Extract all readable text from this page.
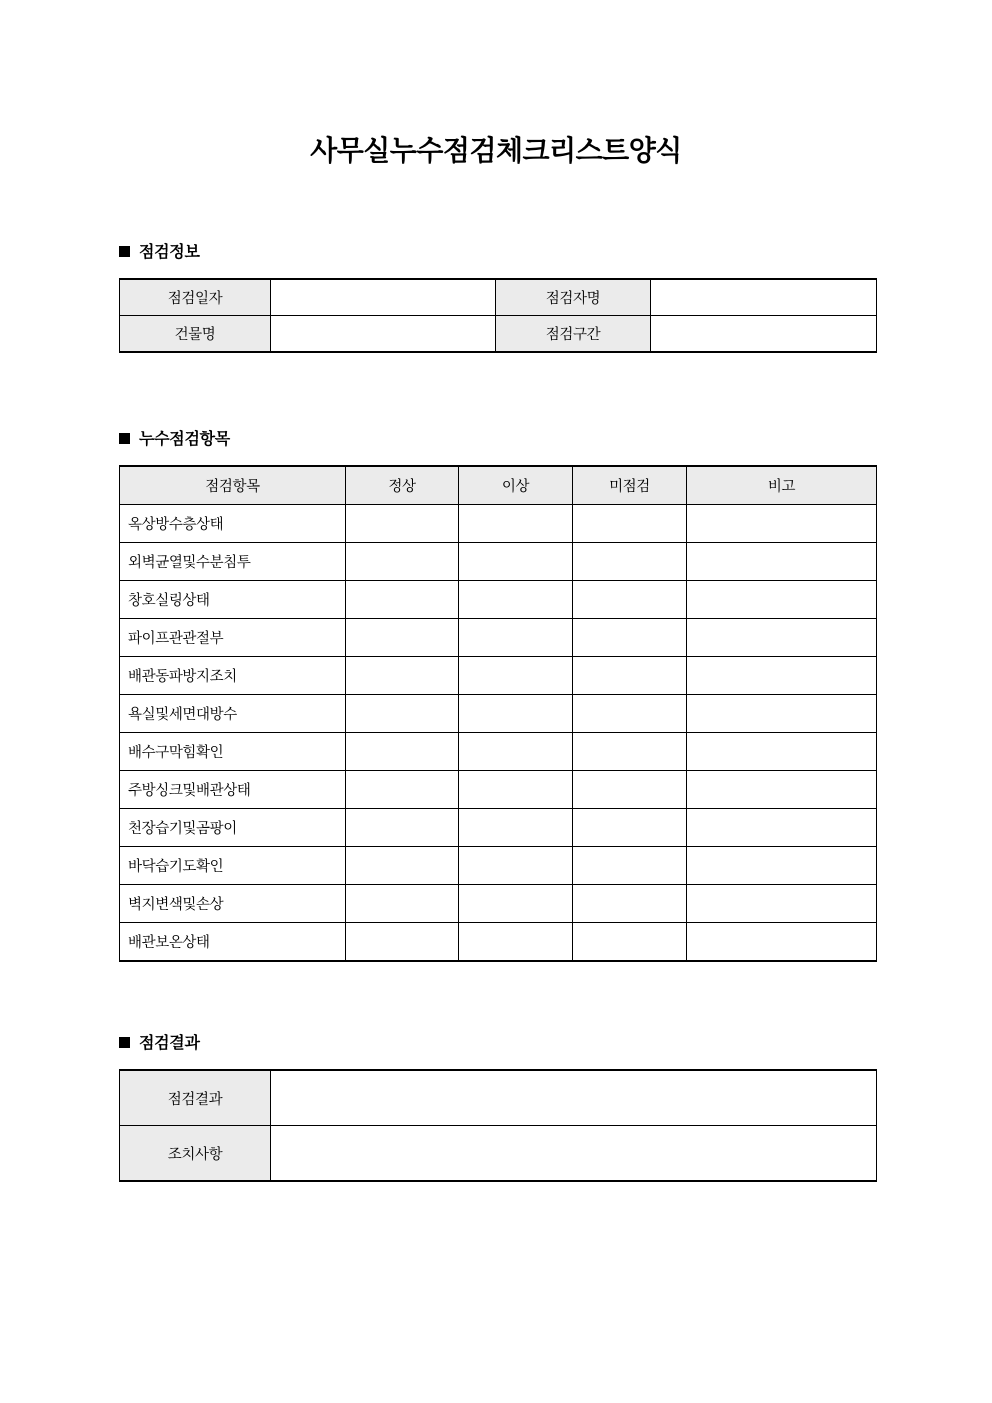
사무실누수점검체크리스트양식
점검정보
점검일자		점검자명	
건물명		점검구간	
누수점검항목
점검항목	정상	이상	미점검	비고
옥상방수층상태				
외벽균열및수분침투				
창호실링상태				
파이프관관절부				
배관동파방지조치				
욕실및세면대방수				
배수구막힘확인				
주방싱크및배관상태				
천장습기및곰팡이				
바닥습기도확인				
벽지변색및손상				
배관보온상태				
점검결과
점검결과	
조치사항	
